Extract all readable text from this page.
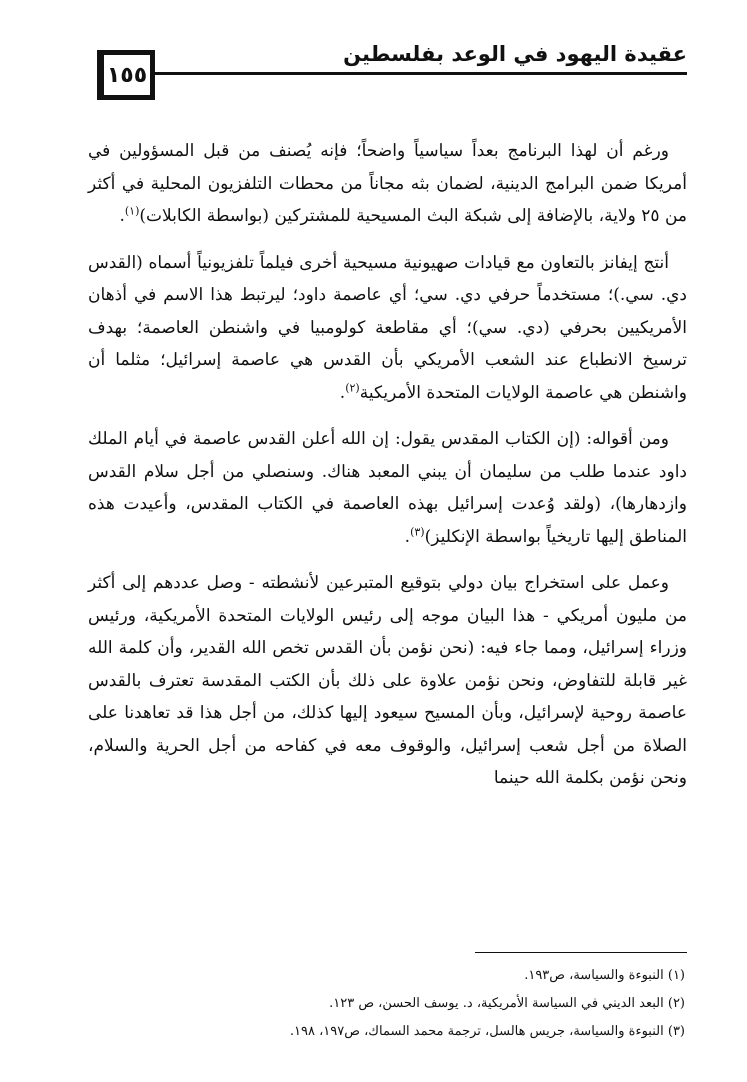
عقيدة اليهود في الوعد بفلسطين
١٥٥

ورغم أن لهذا البرنامج بعداً سياسياً واضحاً؛ فإنه يُصنف من قبل المسؤولين في أمريكا ضمن البرامج الدينية، لضمان بثه مجاناً من محطات التلفزيون المحلية في أكثر من ٢٥ ولاية، بالإضافة إلى شبكة البث المسيحية للمشتركين (بواسطة الكابلات)$^{(١)}$.

أنتج إيفانز بالتعاون مع قيادات صهيونية مسيحية أخرى فيلماً تلفزيونياً أسماه (القدس دي. سي.)؛ مستخدماً حرفي دي. سي؛ أي عاصمة داود؛ ليرتبط هذا الاسم في أذهان الأمريكيين بحرفي (دي. سي)؛ أي مقاطعة كولومبيا في واشنطن العاصمة؛ بهدف ترسيخ الانطباع عند الشعب الأمريكي بأن القدس هي عاصمة إسرائيل؛ مثلما أن واشنطن هي عاصمة الولايات المتحدة الأمريكية$^{(٢)}$.

ومن أقواله: (إن الكتاب المقدس يقول: إن الله أعلن القدس عاصمة في أيام الملك داود عندما طلب من سليمان أن يبني المعبد هناك. وسنصلي من أجل سلام القدس وازدهارها)، (ولقد وُعدت إسرائيل بهذه العاصمة في الكتاب المقدس، وأعيدت هذه المناطق إليها تاريخياً بواسطة الإنكليز)$^{(٣)}$.

وعمل على استخراج بيان دولي بتوقيع المتبرعين لأنشطته - وصل عددهم إلى أكثر من مليون أمريكي - هذا البيان موجه إلى رئيس الولايات المتحدة الأمريكية، ورئيس وزراء إسرائيل، ومما جاء فيه: (نحن نؤمن بأن القدس تخص الله القدير، وأن كلمة الله غير قابلة للتفاوض، ونحن نؤمن علاوة على ذلك بأن الكتب المقدسة تعترف بالقدس عاصمة روحية لإسرائيل، وبأن المسيح سيعود إليها كذلك، من أجل هذا قد تعاهدنا على الصلاة من أجل شعب إسرائيل، والوقوف معه في كفاحه من أجل الحرية والسلام، ونحن نؤمن بكلمة الله حينما

(١) النبوءة والسياسة، ص١٩٣.
(٢) البعد الديني في السياسة الأمريكية، د. يوسف الحسن، ص ١٢٣.
(٣) النبوءة والسياسة، جريس هالسل، ترجمة محمد السماك، ص١٩٧، ١٩٨.
